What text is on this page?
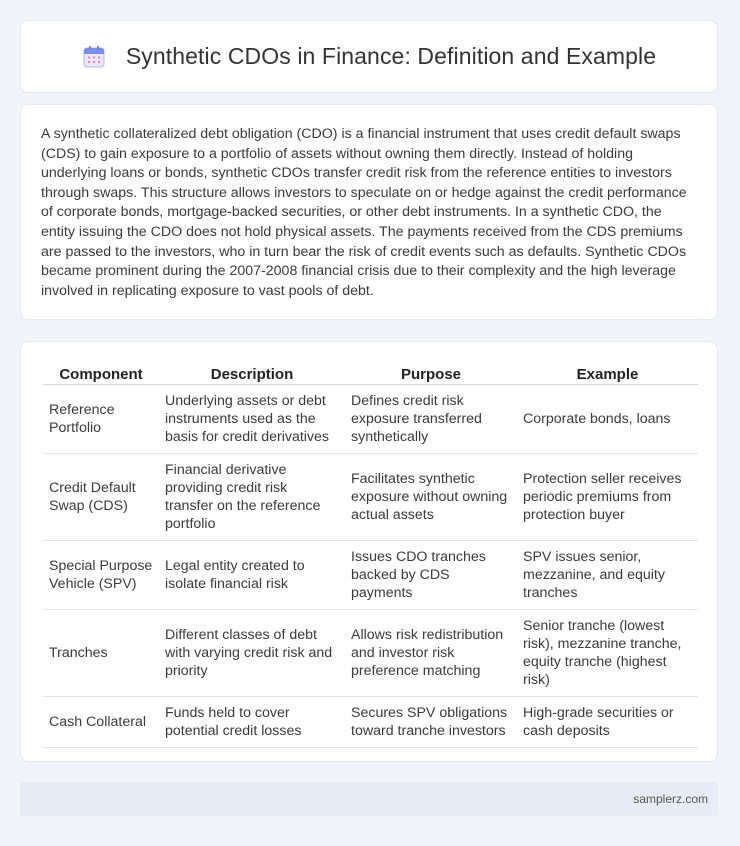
Synthetic CDOs in Finance: Definition and Example

A synthetic collateralized debt obligation (CDO) is a financial instrument that uses credit default swaps (CDS) to gain exposure to a portfolio of assets without owning them directly. Instead of holding underlying loans or bonds, synthetic CDOs transfer credit risk from the reference entities to investors through swaps. This structure allows investors to speculate on or hedge against the credit performance of corporate bonds, mortgage-backed securities, or other debt instruments. In a synthetic CDO, the entity issuing the CDO does not hold physical assets. The payments received from the CDS premiums are passed to the investors, who in turn bear the risk of credit events such as defaults. Synthetic CDOs became prominent during the 2007-2008 financial crisis due to their complexity and the high leverage involved in replicating exposure to vast pools of debt.

Component	Description	Purpose	Example
Reference Portfolio	Underlying assets or debt instruments used as the basis for credit derivatives	Defines credit risk exposure transferred synthetically	Corporate bonds, loans
Credit Default Swap (CDS)	Financial derivative providing credit risk transfer on the reference portfolio	Facilitates synthetic exposure without owning actual assets	Protection seller receives periodic premiums from protection buyer
Special Purpose Vehicle (SPV)	Legal entity created to isolate financial risk	Issues CDO tranches backed by CDS payments	SPV issues senior, mezzanine, and equity tranches
Tranches	Different classes of debt with varying credit risk and priority	Allows risk redistribution and investor risk preference matching	Senior tranche (lowest risk), mezzanine tranche, equity tranche (highest risk)
Cash Collateral	Funds held to cover potential credit losses	Secures SPV obligations toward tranche investors	High-grade securities or cash deposits
samplerz.com
